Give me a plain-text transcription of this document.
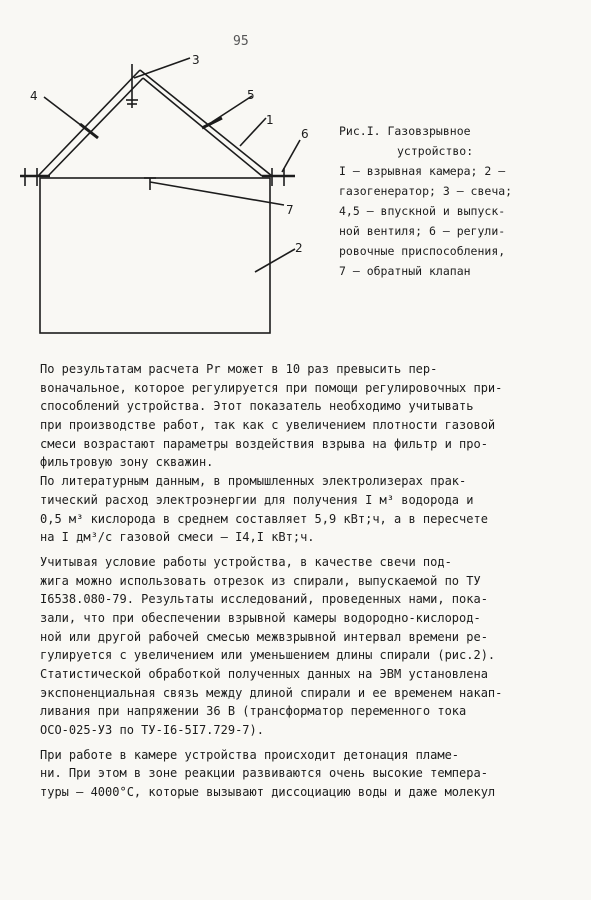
95
4
3
5
1
6
7
2
Рис.I. Газовзрывное
устройство:
I – взрывная камера; 2 –
газогенератор; 3 – свеча;
4,5 – впускной и выпуск-
ной вентиля; 6 – регули-
ровочные приспособления,
7 – обратный клапан
По результатам расчета Pr может в 10 раз превысить пер-
воначальное, которое регулируется при помощи регулировочных при-
способлений устройства. Этот показатель необходимо учитывать
при производстве работ, так как с увеличением плотности газовой
смеси возрастают параметры воздействия взрыва на фильтр и про-
фильтровую зону скважин.
По литературным данным, в промышленных электролизерах прак-
тический расход электроэнергии для получения I м³ водорода и
0,5 м³ кислорода в среднем составляет 5,9 кВт;ч, а в пересчете
на I дм³/с газовой смеси – I4,I кВт;ч.
Учитывая условие работы устройства, в качестве свечи под-
жига можно использовать отрезок из спирали, выпускаемой по ТУ
I6538.080-79. Результаты исследований, проведенных нами, пока-
зали, что при обеспечении взрывной камеры водородно-кислород-
ной или другой рабочей смесью межвзрывной интервал времени ре-
гулируется с увеличением или уменьшением длины спирали (рис.2).
Статистической обработкой полученных данных на ЭВМ установлена
экспоненциальная связь между длиной спирали и ее временем накап-
ливания при напряжении 36 В (трансформатор переменного тока
ОСО-025-УЗ по ТУ-I6-5I7.729-7).
При работе в камере устройства происходит детонация пламе-
ни. При этом в зоне реакции развиваются очень высокие темпера-
туры – 4000°С, которые вызывают диссоциацию воды и даже молекул
